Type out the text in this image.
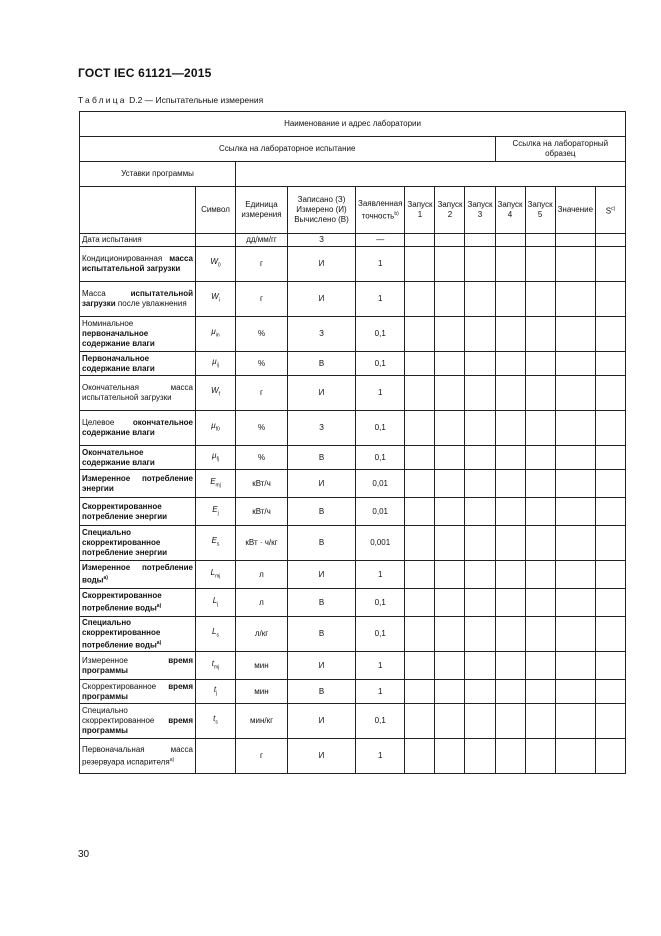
ГОСТ IEC 61121—2015
Таблица D.2 — Испытательные измерения
Наименование и адрес лаборатории											
Ссылка на лабораторное испытание								Ссылка на лабораторный образец			
Уставки программы											
	Символ	Единица измерения	Записано (З) Измерено (И) Вычислено (В)	Заявленная точность$^{b)}$	Запуск 1	Запуск 2	Запуск 3	Запуск 4	Запуск 5	Значение	$S^{c)}$
Дата испытания		дд/мм/гг	З	—							
Кондиционированная масса испытательной загрузки	$W_0$	г	И	1							
Масса испытательной загрузки после увлажнения	$W_i$	г	И	1							
Номинальное первоначальное содержание влаги	$\mu_{in}$	%	З	0,1							
Первоначальное содержание влаги	$\mu_{ij}$	%	В	0,1							
Окончательная масса испытательной загрузки	$W_f$	г	И	1							
Целевое окончательное содержание влаги	$\mu_{f0}$	%	З	0,1							
Окончательное содержание влаги	$\mu_{fj}$	%	В	0,1							
Измеренное потребление энергии	$E_{mj}$	кВт/ч	И	0,01							
Скорректированное потребление энергии	$E_j$	кВт/ч	В	0,01							
Специально скорректированное потребление энергии	$E_s$	кВт · ч/кг	В	0,001							
Измеренное потребление воды$^{a)}$	$L_{mj}$	л	И	1							
Скорректированное потребление воды$^{a)}$	$L_j$	л	В	0,1							
Специально скорректированное потребление воды$^{a)}$	$L_s$	л/кг	В	0,1							
Измеренное время программы	$t_{mj}$	мин	И	1							
Скорректированное время программы	$t_j$	мин	В	1							
Специально скорректированное время программы	$t_s$	мин/кг	И	0,1							
Первоначальная масса резервуара испарителя$^{a)}$		г	И	1							
30
